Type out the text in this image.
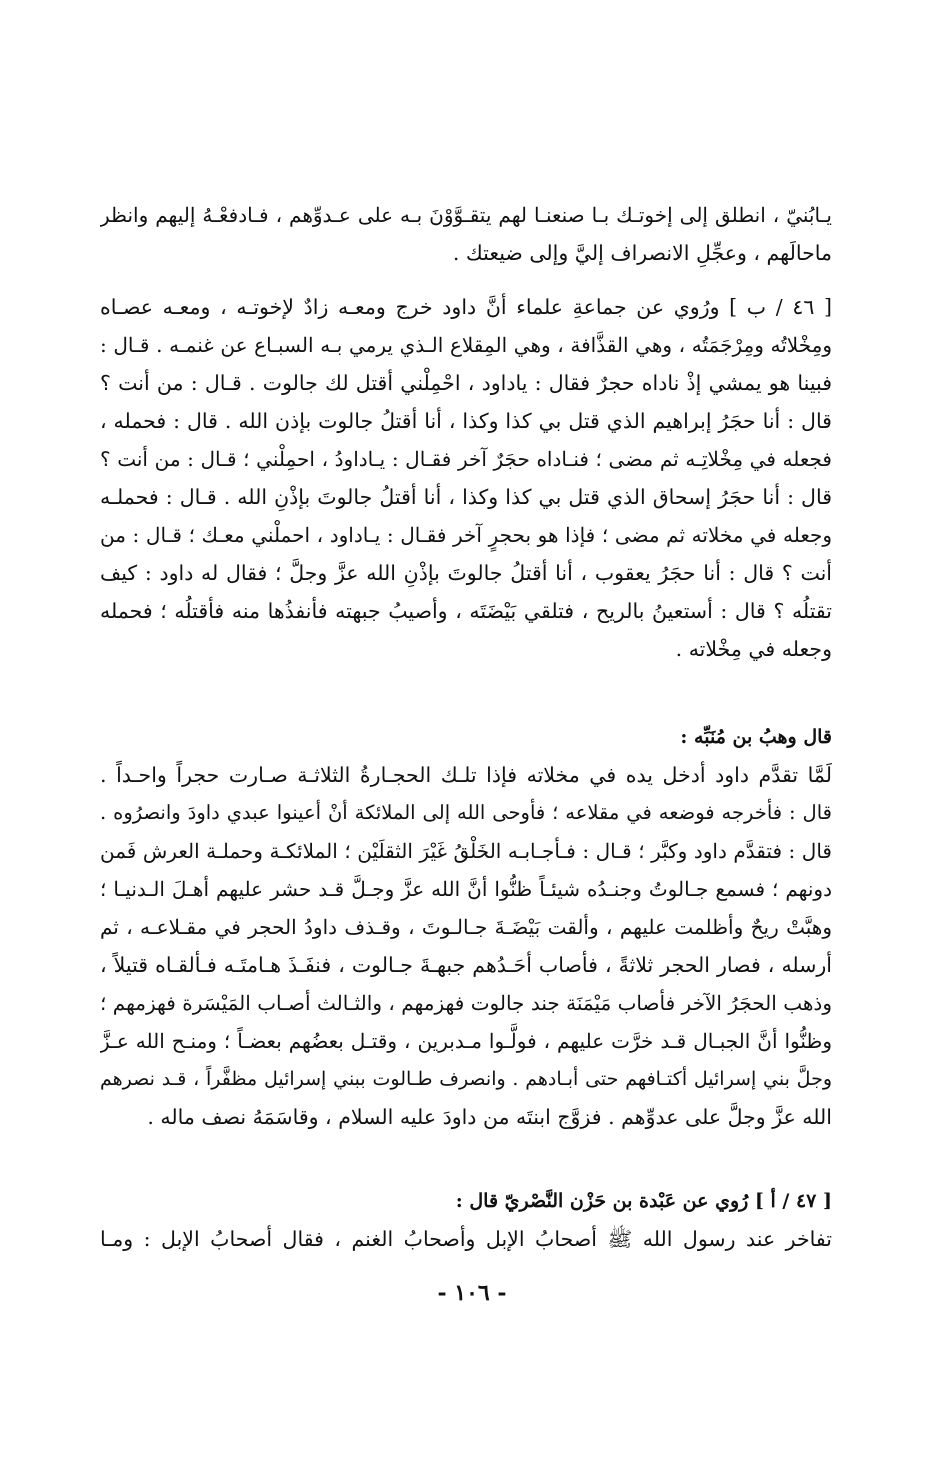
يـابُنيّ ، انطلق إلى إخوتـك بـا صنعنـا لهم يتقـوَّوْنَ بـه على عـدوِّهم ، فـادفعْـهُ إليهم وانظر
ماحالَهم ، وعجِّلِ الانصراف إليَّ وإلى ضيعتك .
[ ٤٦ / ب ] ورُوي عن جماعةِ علماء أنَّ داود خرج ومعـه زادٌ لإخوتـه ، ومعـه عصـاه
ومِخْلاتُه ومِرْجَمَتُه ، وهي القذَّافة ، وهي المِقلاع الـذي يرمي بـه السبـاع عن غنمـه . قـال :
فبينا هو يمشي إذْ ناداه حجرٌ فقال : ياداود ، احْمِلْني أقتل لك جالوت . قـال : من أنت ؟
قال : أنا حجَرُ إبراهيم الذي قتل بي كذا وكذا ، أنا أقتلُ جالوت بإذن الله . قال : فحمله ،
فجعله في مِخْلاتِـه ثم مضى ؛ فنـاداه حجَرٌ آخر فقـال : يـاداودُ ، احمِلْني ؛ قـال : من أنت ؟
قال : أنا حجَرُ إسحاق الذي قتل بي كذا وكذا ، أنا أقتلُ جالوتَ بإذْنِ الله . قـال : فحملـه
وجعله في مخلاته ثم مضى ؛ فإذا هو بحجرٍ آخر فقـال : يـاداود ، احملْني معـك ؛ قـال : من
أنت ؟ قال : أنا حجَرُ يعقوب ، أنا أقتلُ جالوتَ بإذْنِ الله عزَّ وجلَّ ؛ فقال له داود : كيف
تقتلُه ؟ قال : أستعينُ بالريح ، فتلقي بَيْضَتَه ، وأصيبُ جبهته فأنفذُها منه فأقتلُه ؛ فحمله
وجعله في مِخْلاته .
قال وهبُ بن مُنَبِّه :
لَمَّا تقدَّم داود أدخل يده في مخلاته فإذا تلـك الحجـارةُ الثلاثـة صـارت حجراً واحـداً .
قال : فأخرجه فوضعه في مقلاعه ؛ فأوحى الله إلى الملائكة أنْ أعينوا عبدي داودَ وانصرُوه .
قال : فتقدَّم داود وكبَّر ؛ قـال : فـأجـابـه الخَلْقُ غَيْرَ الثقلَيْن ؛ الملائكـة وحملـة العرش فَمن
دونهم ؛ فسمع جـالوتُ وجنـدُه شيئـاً ظنُّوا أنَّ الله عزَّ وجـلَّ قـد حشر عليهم أهـلَ الـدنيـا ؛
وهبَّتْ ريحٌ وأظلمت عليهم ، وألقت بَيْضَـةَ جـالـوتَ ، وقـذف داودُ الحجر في مقـلاعـه ، ثم
أرسله ، فصار الحجر ثلاثةً ، فأصاب أحَـدُهم جبهـةَ جـالوت ، فنفَـذَ هـامتَـه فـألقـاه قتيلاً ،
وذهب الحجَرُ الآخر فأصاب مَيْمَنَة جند جالوت فهزمهم ، والثـالث أصـاب المَيْسَرة فهزمهم ؛
وظنُّوا أنَّ الجبـال قـد خرَّت عليهم ، فولَّـوا مـدبرين ، وقتـل بعضُهم بعضـاً ؛ ومنـح الله عـزَّ
وجلَّ بني إسرائيل أكتـافهم حتى أبـادهم . وانصرف طـالوت ببني إسرائيل مظفَّراً ، قـد نصرهم
الله عزَّ وجلَّ على عدوِّهم . فزوَّج ابنتَه من داودَ عليه السلام ، وقاسَمَهُ نصف ماله .
[ ٤٧ / أ ] رُوي عن عَبْدة بن حَزْن النَّصْريّ قال :
تفاخر عند رسول الله ﷺ أصحابُ الإبل وأصحابُ الغنم ، فقال أصحابُ الإبل : ومـا
- ١٠٦ -
